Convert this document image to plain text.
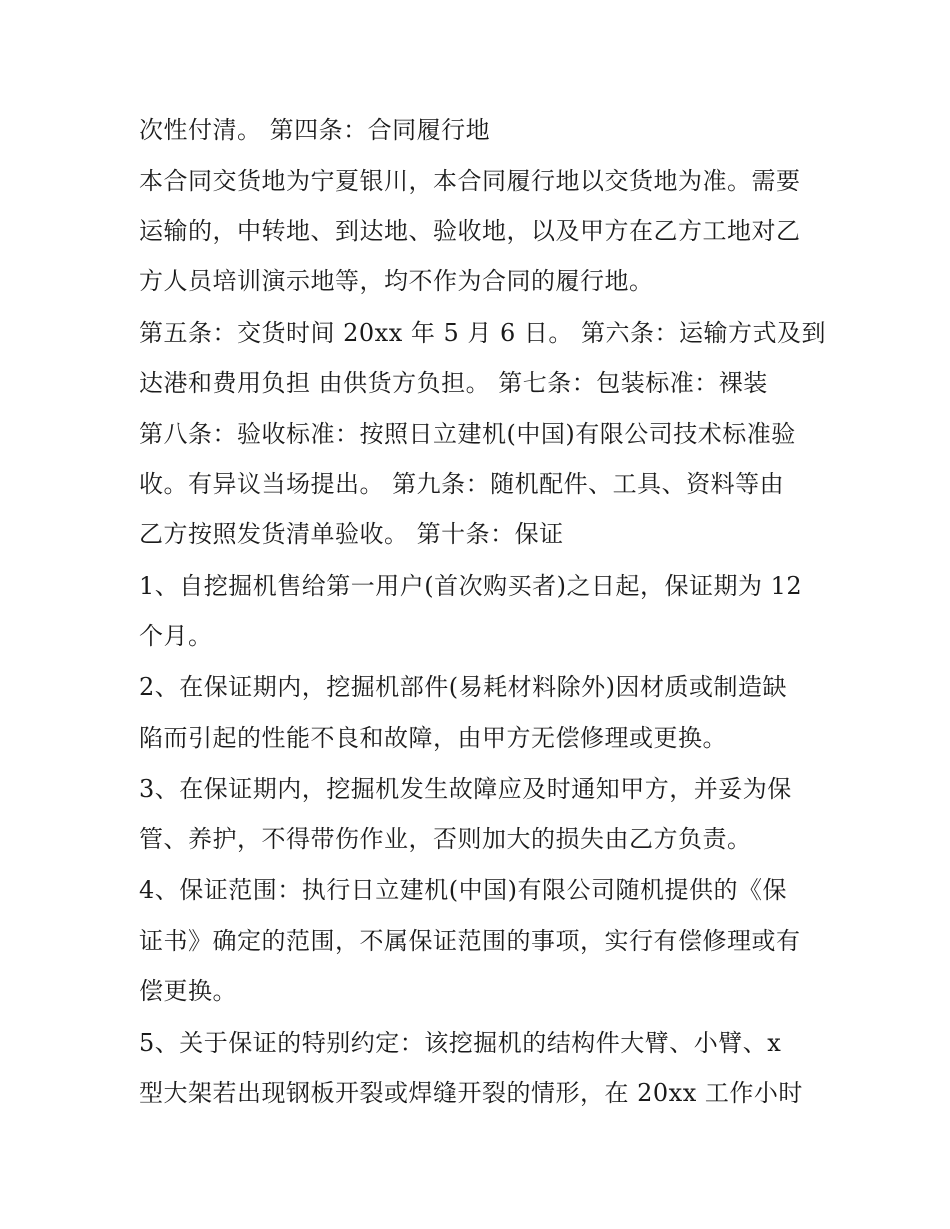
次性付清。 第四条：合同履行地
本合同交货地为宁夏银川，本合同履行地以交货地为准。需要
运输的，中转地、到达地、验收地，以及甲方在乙方工地对乙
方人员培训演示地等，均不作为合同的履行地。
第五条：交货时间 20xx 年 5 月 6 日。 第六条：运输方式及到
达港和费用负担 由供货方负担。 第七条：包装标准：裸装
第八条：验收标准：按照日立建机(中国)有限公司技术标准验
收。有异议当场提出。 第九条：随机配件、工具、资料等由
乙方按照发货清单验收。 第十条：保证
1、自挖掘机售给第一用户(首次购买者)之日起，保证期为 12
个月。
2、在保证期内，挖掘机部件(易耗材料除外)因材质或制造缺
陷而引起的性能不良和故障，由甲方无偿修理或更换。
3、在保证期内，挖掘机发生故障应及时通知甲方，并妥为保
管、养护，不得带伤作业，否则加大的损失由乙方负责。
4、保证范围：执行日立建机(中国)有限公司随机提供的《保
证书》确定的范围，不属保证范围的事项，实行有偿修理或有
偿更换。
5、关于保证的特别约定：该挖掘机的结构件大臂、小臂、x
型大架若出现钢板开裂或焊缝开裂的情形，在 20xx 工作小时
